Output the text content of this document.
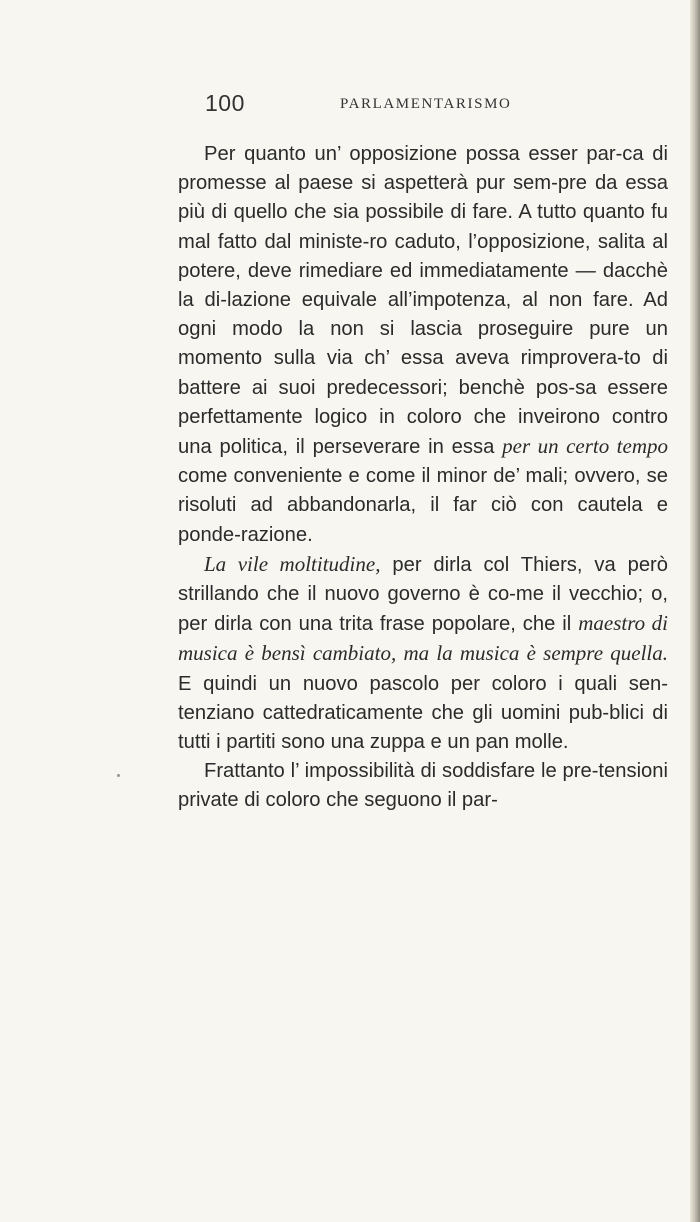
100	PARLAMENTARISMO

Per quanto un’ opposizione possa esser par-ca di promesse al paese si aspetterà pur sem-pre da essa più di quello che sia possibile di fare. A tutto quanto fu mal fatto dal ministe-ro caduto, l’opposizione, salita al potere, deve rimediare ed immediatamente — dacchè la di-lazione equivale all’impotenza, al non fare. Ad ogni modo la non si lascia proseguire pure un momento sulla via ch’ essa aveva rimprovera-to di battere ai suoi predecessori; benchè pos-sa essere perfettamente logico in coloro che inveirono contro una politica, il perseverare in essa per un certo tempo come conveniente e come il minor de’ mali; ovvero, se risoluti ad abbandonarla, il far ciò con cautela e ponde-razione.

La vile moltitudine, per dirla col Thiers, va però strillando che il nuovo governo è co-me il vecchio; o, per dirla con una trita frase popolare, che il maestro di musica è bensì cambiato, ma la musica è sempre quella. E quindi un nuovo pascolo per coloro i quali sen-tenziano cattedraticamente che gli uomini pub-blici di tutti i partiti sono una zuppa e un pan molle.

Frattanto l’ impossibilità di soddisfare le pre-tensioni private di coloro che seguono il par-
